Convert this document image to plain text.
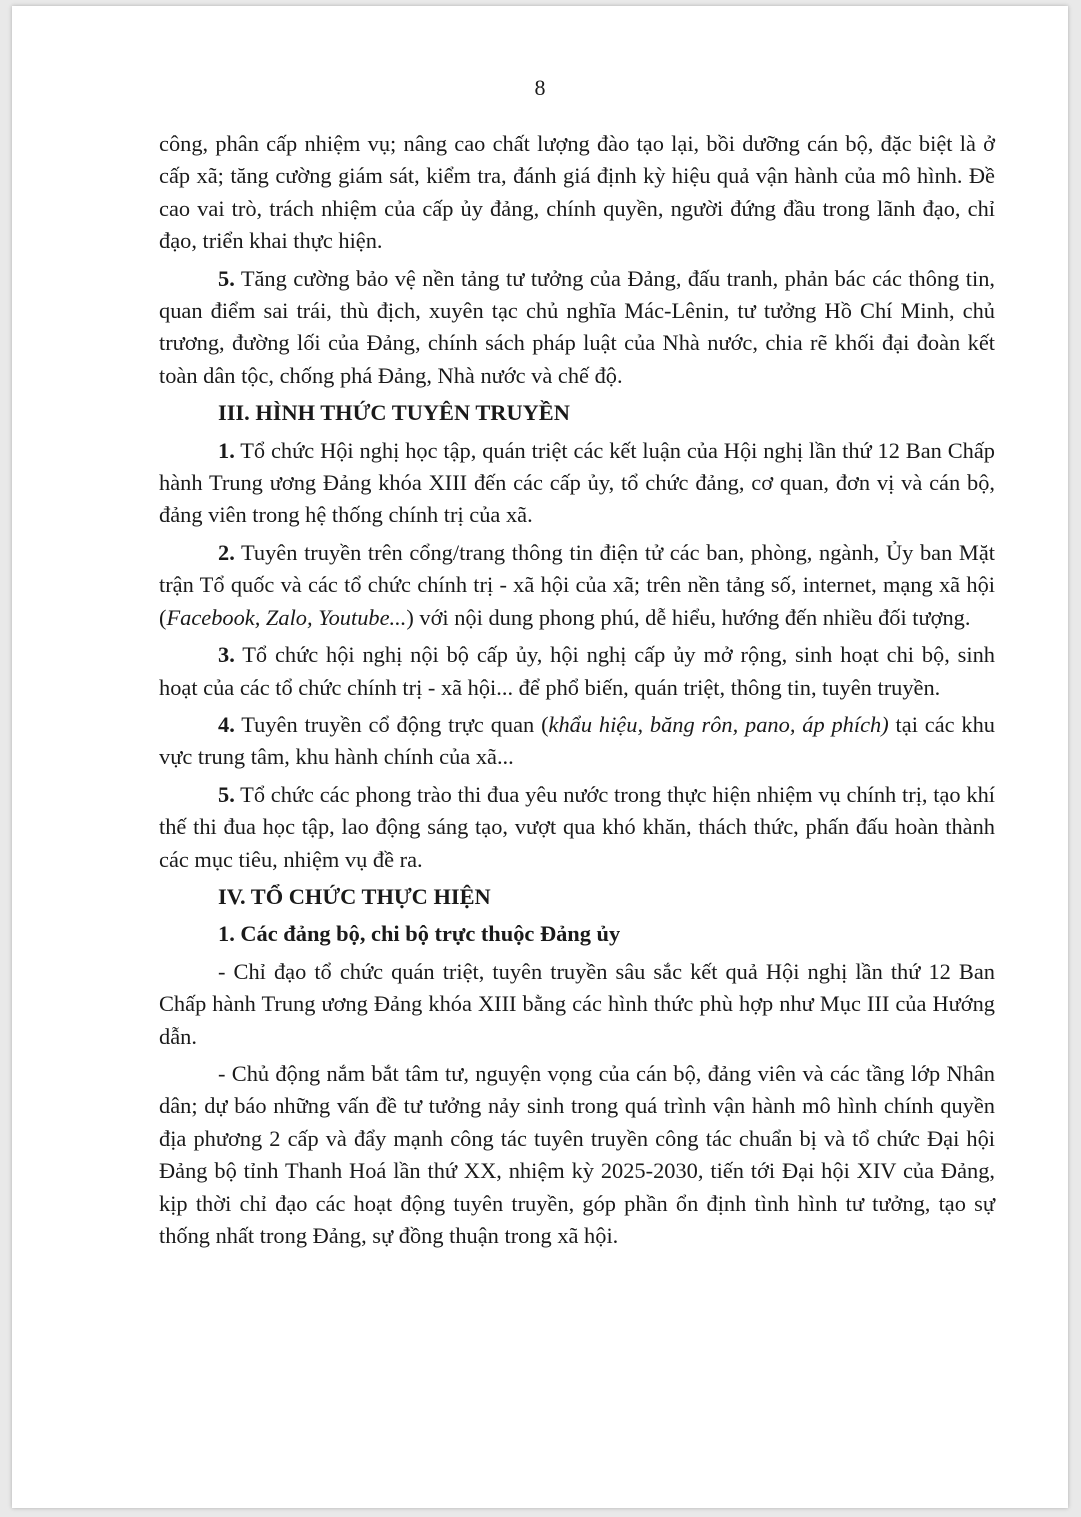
8

công, phân cấp nhiệm vụ; nâng cao chất lượng đào tạo lại, bồi dưỡng cán bộ, đặc biệt là ở cấp xã; tăng cường giám sát, kiểm tra, đánh giá định kỳ hiệu quả vận hành của mô hình. Đề cao vai trò, trách nhiệm của cấp ủy đảng, chính quyền, người đứng đầu trong lãnh đạo, chỉ đạo, triển khai thực hiện.

5. Tăng cường bảo vệ nền tảng tư tưởng của Đảng, đấu tranh, phản bác các thông tin, quan điểm sai trái, thù địch, xuyên tạc chủ nghĩa Mác-Lênin, tư tưởng Hồ Chí Minh, chủ trương, đường lối của Đảng, chính sách pháp luật của Nhà nước, chia rẽ khối đại đoàn kết toàn dân tộc, chống phá Đảng, Nhà nước và chế độ.

III. HÌNH THỨC TUYÊN TRUYỀN

1. Tổ chức Hội nghị học tập, quán triệt các kết luận của Hội nghị lần thứ 12 Ban Chấp hành Trung ương Đảng khóa XIII đến các cấp ủy, tổ chức đảng, cơ quan, đơn vị và cán bộ, đảng viên trong hệ thống chính trị của xã.

2. Tuyên truyền trên cổng/trang thông tin điện tử các ban, phòng, ngành, Ủy ban Mặt trận Tổ quốc và các tổ chức chính trị - xã hội của xã; trên nền tảng số, internet, mạng xã hội (Facebook, Zalo, Youtube...) với nội dung phong phú, dễ hiểu, hướng đến nhiều đối tượng.

3. Tổ chức hội nghị nội bộ cấp ủy, hội nghị cấp ủy mở rộng, sinh hoạt chi bộ, sinh hoạt của các tổ chức chính trị - xã hội... để phổ biến, quán triệt, thông tin, tuyên truyền.

4. Tuyên truyền cổ động trực quan (khẩu hiệu, băng rôn, pano, áp phích) tại các khu vực trung tâm, khu hành chính của xã...

5. Tổ chức các phong trào thi đua yêu nước trong thực hiện nhiệm vụ chính trị, tạo khí thế thi đua học tập, lao động sáng tạo, vượt qua khó khăn, thách thức, phấn đấu hoàn thành các mục tiêu, nhiệm vụ đề ra.

IV. TỔ CHỨC THỰC HIỆN

1. Các đảng bộ, chi bộ trực thuộc Đảng ủy

- Chỉ đạo tổ chức quán triệt, tuyên truyền sâu sắc kết quả Hội nghị lần thứ 12 Ban Chấp hành Trung ương Đảng khóa XIII bằng các hình thức phù hợp như Mục III của Hướng dẫn.

- Chủ động nắm bắt tâm tư, nguyện vọng của cán bộ, đảng viên và các tầng lớp Nhân dân; dự báo những vấn đề tư tưởng nảy sinh trong quá trình vận hành mô hình chính quyền địa phương 2 cấp và đẩy mạnh công tác tuyên truyền công tác chuẩn bị và tổ chức Đại hội Đảng bộ tỉnh Thanh Hoá lần thứ XX, nhiệm kỳ 2025-2030, tiến tới Đại hội XIV của Đảng, kịp thời chỉ đạo các hoạt động tuyên truyền, góp phần ổn định tình hình tư tưởng, tạo sự thống nhất trong Đảng, sự đồng thuận trong xã hội.
